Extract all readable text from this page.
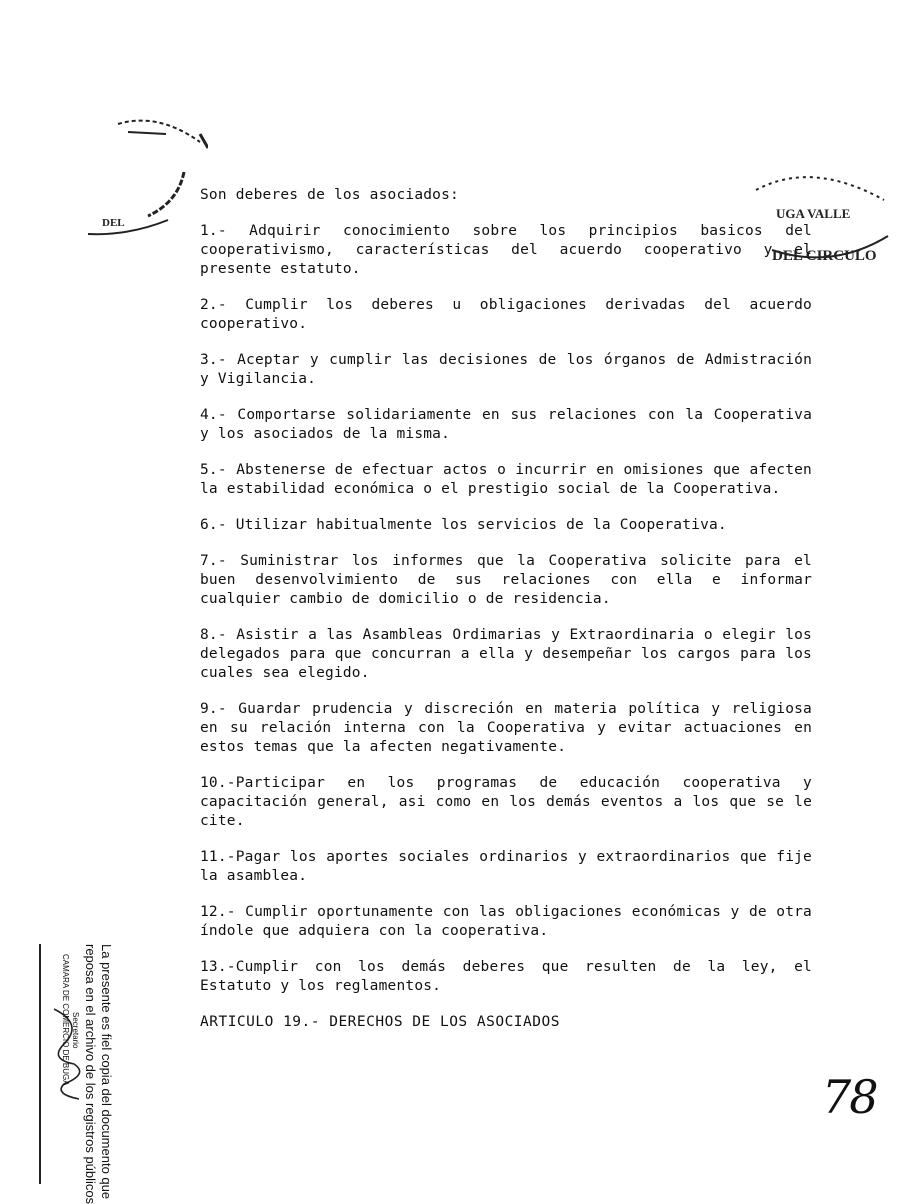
DEL
UGA VALLE
DEL CIRCULO

Son deberes de los asociados:

1.- Adquirir conocimiento sobre los principios basicos del cooperativismo, características del acuerdo cooperativo y el presente estatuto.

2.- Cumplir los deberes u obligaciones derivadas del acuerdo cooperativo.

3.- Aceptar y cumplir las decisiones de los órganos de Admistración y Vigilancia.

4.- Comportarse solidariamente en sus relaciones con la Cooperativa y los asociados de la misma.

5.- Abstenerse de efectuar actos o incurrir en omisiones que afecten la estabilidad económica o el prestigio social de la Cooperativa.

6.- Utilizar habitualmente los servicios de la Cooperativa.

7.- Suministrar los informes que la Cooperativa solicite para el buen desenvolvimiento de sus relaciones con ella e informar cualquier cambio de domicilio o de residencia.

8.- Asistir a las Asambleas Ordimarias y Extraordinaria o elegir los delegados para que concurran a ella y desempeñar los cargos para los cuales sea elegido.

9.- Guardar prudencia y discreción en materia política y religiosa en su relación interna con la Cooperativa y evitar actuaciones en estos temas que la afecten negativamente.

10.-Participar en los programas de educación cooperativa y capacitación general, asi como en los demás eventos a los que se le cite.

11.-Pagar los aportes sociales ordinarios y extraordinarios que fije la asamblea.

12.- Cumplir oportunamente con las obligaciones económicas y de otra índole que adquiera con la cooperativa.

13.-Cumplir con los demás deberes que resulten de la ley, el Estatuto y los reglamentos.

ARTICULO 19.- DERECHOS DE LOS ASOCIADOS

La presente es fiel copia del documento que
reposa en el archivo de los registros públicos
Secretario
CAMARA DE COMERCIO DE BUGA
78
